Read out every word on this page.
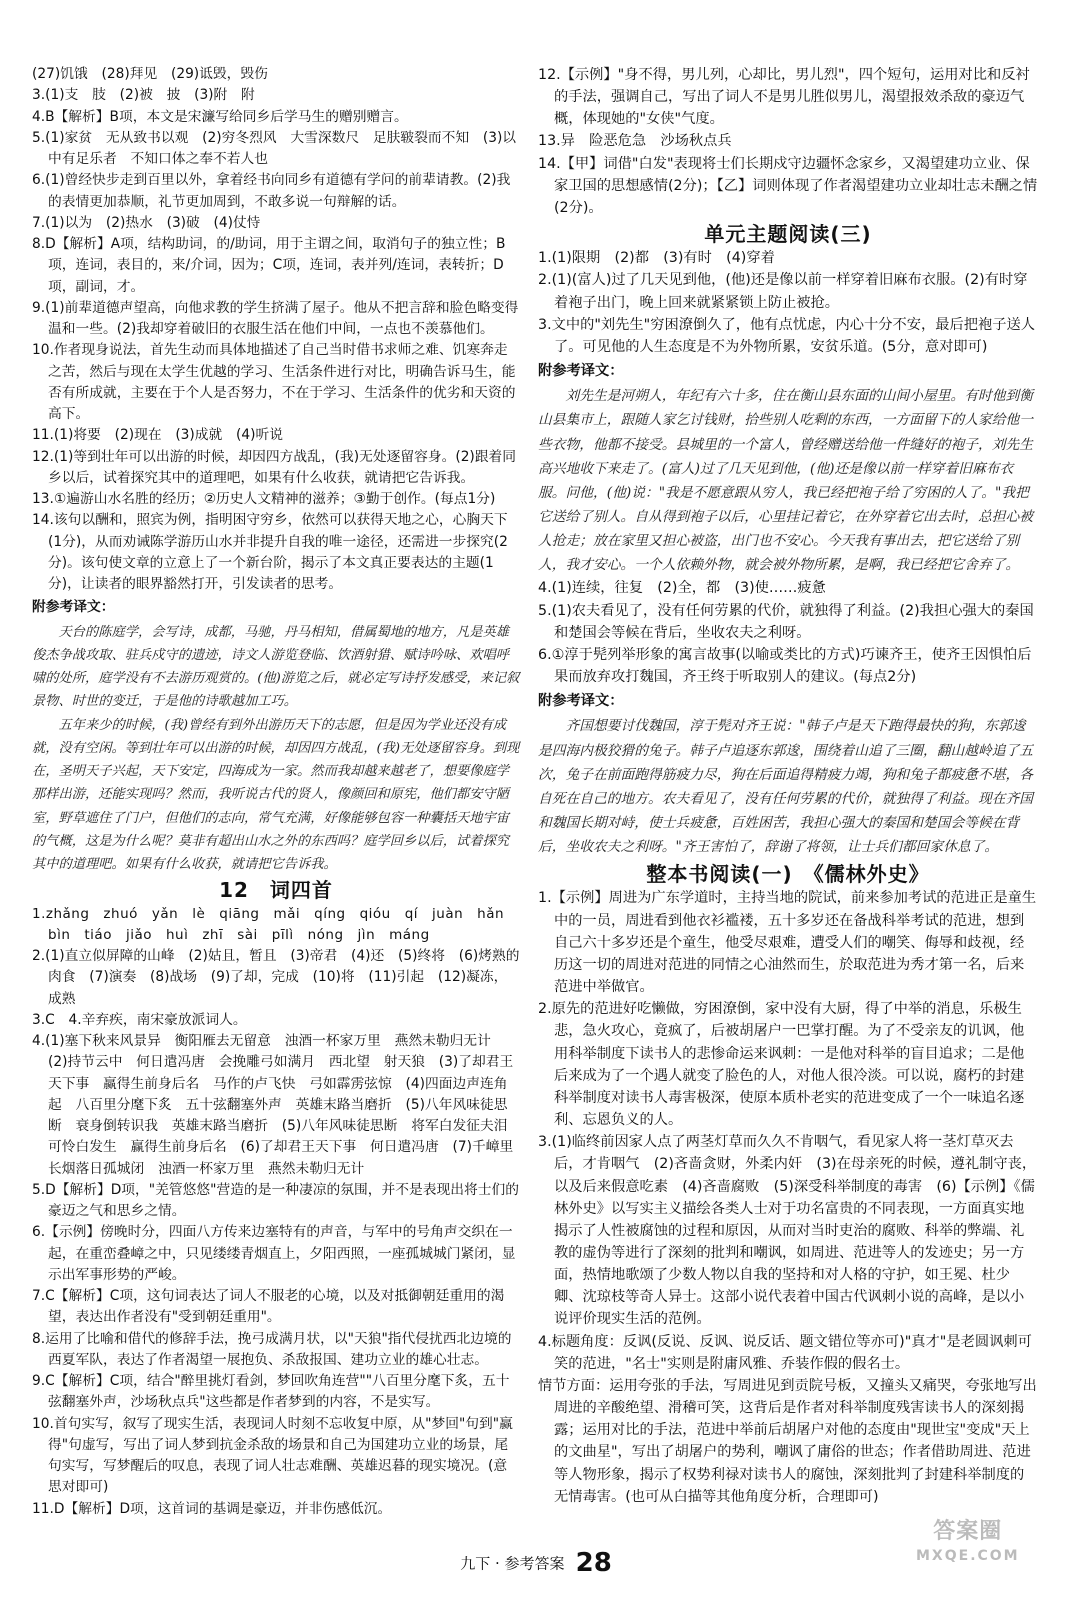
(27)饥饿　(28)拜见　(29)诋毁，毁伤

3.(1)支　肢　(2)被　披　(3)附　附

4.B【解析】B项，本文是宋濂写给同乡后学马生的赠别赠言。

5.(1)家贫　无从致书以观　(2)穷冬烈风　大雪深数尺　足肤皲裂而不知　(3)以中有足乐者　不知口体之奉不若人也

6.(1)曾经快步走到百里以外，拿着经书向同乡有道德有学问的前辈请教。(2)我的表情更加恭顺，礼节更加周到，不敢多说一句辩解的话。

7.(1)以为　(2)热水　(3)破　(4)仗恃

8.D【解析】A项，结构助词，的/助词，用于主谓之间，取消句子的独立性；B项，连词，表目的，来/介词，因为；C项，连词，表并列/连词，表转折；D项，副词，才。

9.(1)前辈道德声望高，向他求教的学生挤满了屋子。他从不把言辞和脸色略变得温和一些。(2)我却穿着破旧的衣服生活在他们中间，一点也不羡慕他们。

10.作者现身说法，首先生动而具体地描述了自己当时借书求师之难、饥寒奔走之苦，然后与现在太学生优越的学习、生活条件进行对比，明确告诉马生，能否有所成就，主要在于个人是否努力，不在于学习、生活条件的优劣和天资的高下。

11.(1)将要　(2)现在　(3)成就　(4)听说

12.(1)等到壮年可以出游的时候，却因四方战乱，(我)无处逐留容身。(2)跟着同乡以后，试着探究其中的道理吧，如果有什么收获，就请把它告诉我。

13.①遍游山水名胜的经历；②历史人文精神的滋养；③勤于创作。(每点1分)

14.该句以酬和，照宾为例，指明困守穷乡，依然可以获得天地之心，心胸天下(1分)，从而劝诫陈学游历山水并非提升自我的唯一途径，还需进一步探究(2分)。该句使文章的立意上了一个新台阶，揭示了本文真正要表达的主题(1分)，让读者的眼界豁然打开，引发读者的思考。

附参考译文：

天台的陈庭学，会写诗，成都，马驰，丹马相知，借属蜀地的地方，凡是英雄俊杰争战攻取、驻兵戍守的遗迹，诗文人游览登临、饮酒射猎、赋诗吟咏、欢唱呼啸的处所，庭学没有不去游历观赏的。(他)游览之后，就必定写诗抒发感受，来记叙景物、时世的变迁，于是他的诗歌越加工巧。

五年来少的时候，(我)曾经有到外出游历天下的志愿，但是因为学业还没有成就，没有空闲。等到壮年可以出游的时候，却因四方战乱，(我)无处逐留容身。到现在，圣明天子兴起，天下安定，四海成为一家。然而我却越来越老了，想要像庭学那样出游，还能实现吗？然而，我听说古代的贤人，像颜回和原宪，他们都安守陋室，野草遮住了门户，但他们的志向，常气充满，好像能够包容一种囊括天地宇宙的气概，这是为什么呢？莫非有超出山水之外的东西吗？庭学回乡以后，试着探究其中的道理吧。如果有什么收获，就请把它告诉我。

12　词四首

1.zhǎng　zhuó　yǎn　lè　qiāng　mǎi　qíng　qióu　qí　juàn　hǎn　bìn　tiáo　jiǎo　huì　zhī　sài　pīlì　nóng　jìn　máng

2.(1)直立似屏障的山峰　(2)姑且，暂且　(3)帝君　(4)还　(5)终将　(6)烤熟的肉食　(7)演奏　(8)战场　(9)了却，完成　(10)将　(11)引起　(12)凝冻，成熟

3.C　4.辛弃疾，南宋豪放派词人。

4.(1)塞下秋来风景异　衡阳雁去无留意　浊酒一杯家万里　燕然未勒归无计　(2)持节云中　何日遣冯唐　会挽雕弓如满月　西北望　射天狼　(3)了却君王天下事　赢得生前身后名　马作的卢飞快　弓如霹雳弦惊　(4)四面边声连角起　八百里分麾下炙　五十弦翻塞外声　英雄末路当磨折　(5)八年风味徒思断　衰身倒转识我　英雄末路当磨折　(5)八年风味徒思断　将军白发征夫泪　可怜白发生　赢得生前身后名　(6)了却君王天下事　何日遣冯唐　(7)千嶂里　长烟落日孤城闭　浊酒一杯家万里　燕然未勒归无计

5.D【解析】D项，"羌管悠悠"营造的是一种凄凉的氛围，并不是表现出将士们的豪迈之气和思乡之情。

6.【示例】傍晚时分，四面八方传来边塞特有的声音，与军中的号角声交织在一起，在重峦叠嶂之中，只见缕缕青烟直上，夕阳西照，一座孤城城门紧闭，显示出军事形势的严峻。

7.C【解析】C项，这句词表达了词人不服老的心境，以及对抵御朝廷重用的渴望，表达出作者没有"受到朝廷重用"。

8.运用了比喻和借代的修辞手法，挽弓成满月状，以"天狼"指代侵扰西北边境的西夏军队，表达了作者渴望一展抱负、杀敌报国、建功立业的雄心壮志。

9.C【解析】C项，结合"醉里挑灯看剑，梦回吹角连营""八百里分麾下炙，五十弦翻塞外声，沙场秋点兵"这些都是作者梦到的内容，不是实写。

10.首句实写，叙写了现实生活，表现词人时刻不忘收复中原，从"梦回"句到"赢得"句虚写，写出了词人梦到抗金杀敌的场景和自己为国建功立业的场景，尾句实写，写梦醒后的叹息，表现了词人壮志难酬、英雄迟暮的现实境况。(意思对即可)

11.D【解析】D项，这首词的基调是豪迈，并非伤感低沉。

12.【示例】"身不得，男儿列，心却比，男儿烈"，四个短句，运用对比和反衬的手法，强调自己，写出了词人不是男儿胜似男儿，渴望报效杀敌的豪迈气概，体现她的"女侠"气度。

13.异　险恶危急　沙场秋点兵

14.【甲】词借"白发"表现将士们长期戍守边疆怀念家乡，又渴望建功立业、保家卫国的思想感情(2分)；【乙】词则体现了作者渴望建功立业却壮志未酬之情(2分)。

单元主题阅读(三)

1.(1)限期　(2)都　(3)有时　(4)穿着

2.(1)(富人)过了几天见到他，(他)还是像以前一样穿着旧麻布衣服。(2)有时穿着袍子出门，晚上回来就紧紧锁上防止被抢。

3.文中的"刘先生"穷困潦倒久了，他有点忧虑，内心十分不安，最后把袍子送人了。可见他的人生态度是不为外物所累，安贫乐道。(5分，意对即可)

附参考译文：

刘先生是河朔人，年纪有六十多，住在衡山县东面的山间小屋里。有时他到衡山县集市上，跟随人家乞讨钱财，拾些别人吃剩的东西，一方面留下的人家给他一些衣物，他都不接受。县城里的一个富人，曾经赠送给他一件缝好的袍子，刘先生高兴地收下来走了。(富人)过了几天见到他，(他)还是像以前一样穿着旧麻布衣服。问他，(他)说："我是不愿意跟从穷人，我已经把袍子给了穷困的人了。"我把它送给了别人。自从得到袍子以后，心里挂记着它，在外穿着它出去时，总担心被人抢走；放在家里又担心被盗，出门也不安心。今天我有事出去，把它送给了别人，我才安心。一个人依赖外物，就会被外物所累，是啊，我已经把它舍弃了。

4.(1)连续，往复　(2)全，都　(3)使……疲惫

5.(1)农夫看见了，没有任何劳累的代价，就独得了利益。(2)我担心强大的秦国和楚国会等候在背后，坐收农夫之利呀。

6.①淳于髡列举形象的寓言故事(以喻或类比的方式)巧谏齐王，使齐王因惧怕后果而放弃攻打魏国，齐王终于听取别人的建议。(每点2分)

附参考译文：

齐国想要讨伐魏国，淳于髡对齐王说："韩子卢是天下跑得最快的狗，东郭逡是四海内极狡猾的兔子。韩子卢追逐东郭逡，围绕着山追了三圈，翻山越岭追了五次，兔子在前面跑得筋疲力尽，狗在后面追得精疲力竭，狗和兔子都疲惫不堪，各自死在自己的地方。农夫看见了，没有任何劳累的代价，就独得了利益。现在齐国和魏国长期对峙，使士兵疲惫，百姓困苦，我担心强大的秦国和楚国会等候在背后，坐收农夫之利呀。"齐王害怕了，辞谢了将领，让士兵们都回家休息了。

整本书阅读(一)　《儒林外史》

1.【示例】周进为广东学道时，主持当地的院试，前来参加考试的范进正是童生中的一员，周进看到他衣衫褴褛，五十多岁还在备战科举考试的范进，想到自己六十多岁还是个童生，他受尽艰难，遭受人们的嘲笑、侮辱和歧视，经历这一切的周进对范进的同情之心油然而生，於取范进为秀才第一名，后来范进中举做官。

2.原先的范进好吃懒做，穷困潦倒，家中没有大厨，得了中举的消息，乐极生悲，急火攻心，竟疯了，后被胡屠户一巴掌打醒。为了不受亲友的讥讽，他用科举制度下读书人的悲惨命运来讽刺：一是他对科举的盲目追求；二是他后来成为了一个遇人就变了脸色的人，对他人很冷淡。可以说，腐朽的封建科举制度对读书人毒害极深，使原本质朴老实的范进变成了一个一味追名逐利、忘恩负义的人。

3.(1)临终前因家人点了两茎灯草而久久不肯咽气，看见家人将一茎灯草灭去后，才肯咽气　(2)吝啬贪财，外柔内奸　(3)在母亲死的时候，遵礼制守丧，以及后来假意吃素　(4)吝啬腐败　(5)深受科举制度的毒害　(6)【示例】《儒林外史》以写实主义描绘各类人士对于功名富贵的不同表现，一方面真实地揭示了人性被腐蚀的过程和原因，从而对当时吏治的腐败、科举的弊端、礼教的虚伪等进行了深刻的批判和嘲讽，如周进、范进等人的发迹史；另一方面，热情地歌颂了少数人物以自我的坚持和对人格的守护，如王冕、杜少卿、沈琼枝等奇人异士。这部小说代表着中国古代讽刺小说的高峰，是以小说评价现实生活的范例。

4.标题角度：反讽(反说、反讽、说反话、题文错位等亦可)"真才"是老圆讽刺可笑的范进，"名士"实则是附庸风雅、乔装作假的假名士。

情节方面：运用夸张的手法，写周进见到贡院号板，又撞头又痛哭，夸张地写出周进的辛酸绝望、滑稽可笑，这背后是作者对科举制度残害读书人的深刻揭露；运用对比的手法，范进中举前后胡屠户对他的态度由"现世宝"变成"天上的文曲星"，写出了胡屠户的势利，嘲讽了庸俗的世态；作者借助周进、范进等人物形象，揭示了权势利禄对读书人的腐蚀，深刻批判了封建科举制度的无情毒害。(也可从白描等其他角度分析，合理即可)

九下 · 参考答案 28
答案圈
MXQE.COM
